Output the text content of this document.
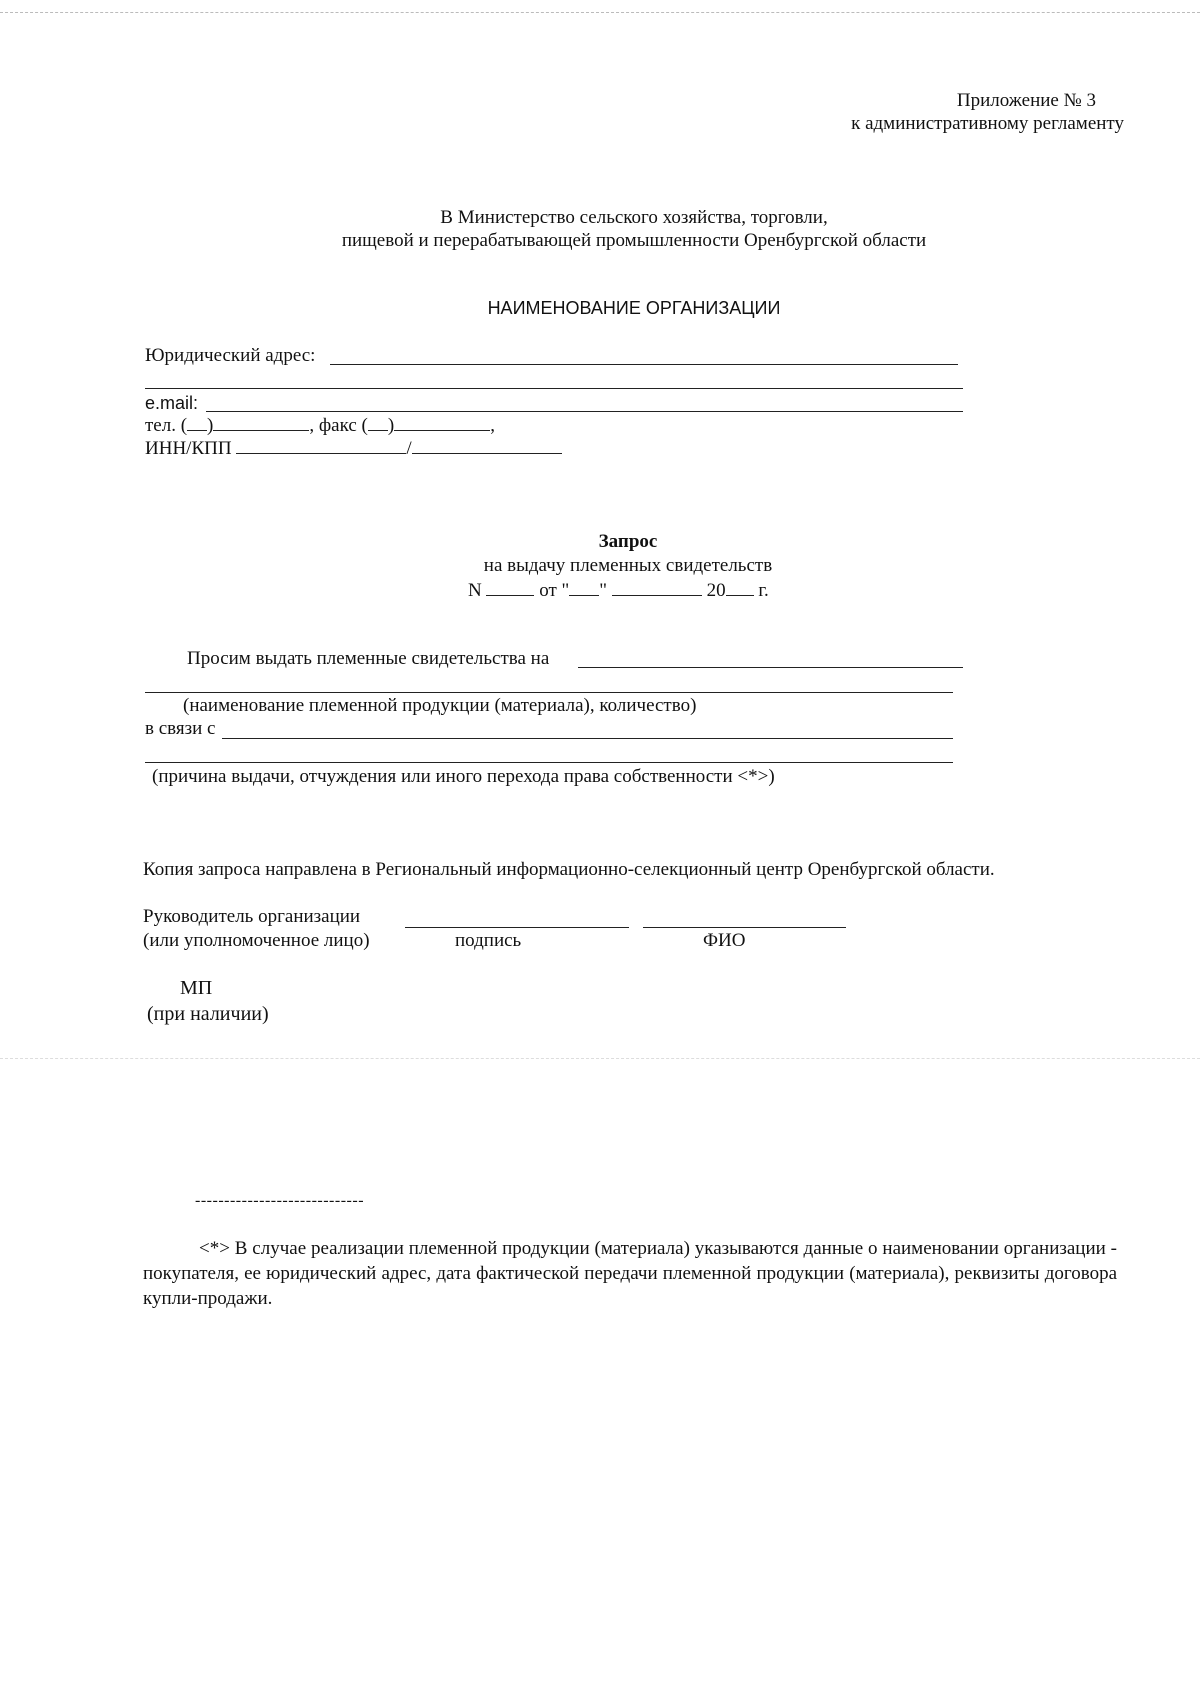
Приложение № 3
к административному регламенту
В Министерство сельского хозяйства, торговли,
пищевой и перерабатывающей промышленности Оренбургской области
НАИМЕНОВАНИЕ ОРГАНИЗАЦИИ
Юридический адрес:
e.mail:
тел. ( )	, факс ( )	,
ИНН/КПП	/
Запрос
на выдачу племенных свидетельств
N	от " "	20 г.
Просим выдать племенные свидетельства на
(наименование племенной продукции (материала), количество)
в связи с
(причина выдачи, отчуждения или иного перехода права собственности <*>)
Копия запроса направлена в Региональный информационно-селекционный центр Оренбургской области.
Руководитель организации
(или уполномоченное лицо)	подпись	ФИО
МП
(при наличии)
-----------------------------
<*> В случае реализации племенной продукции (материала) указываются данные о наименовании организации - покупателя, ее юридический адрес, дата фактической передачи племенной продукции (материала), реквизиты договора купли-продажи.
